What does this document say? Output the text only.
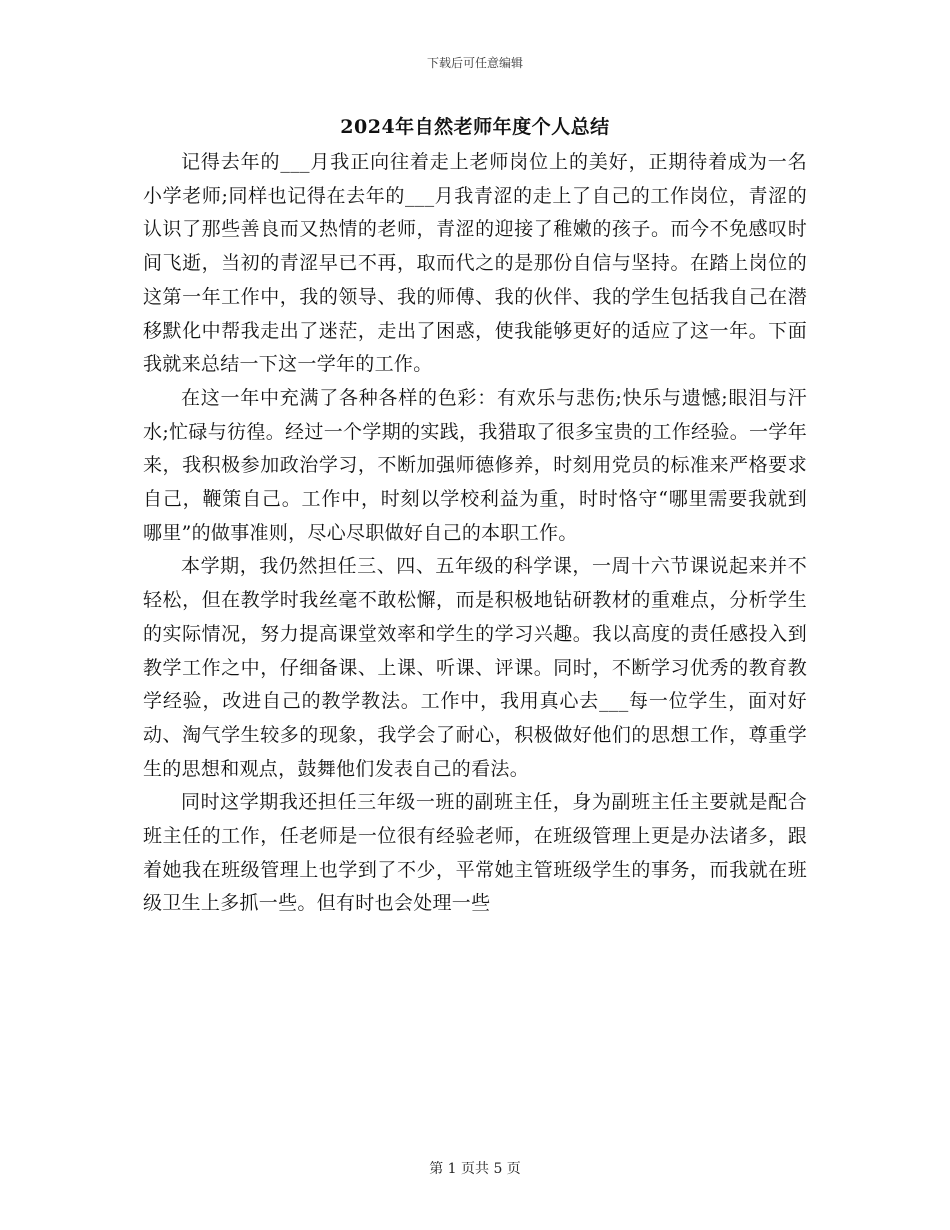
下载后可任意编辑
2024年自然老师年度个人总结

记得去年的___月我正向往着走上老师岗位上的美好，正期待着成为一名小学老师;同样也记得在去年的___月我青涩的走上了自己的工作岗位，青涩的认识了那些善良而又热情的老师，青涩的迎接了稚嫩的孩子。而今不免感叹时间飞逝，当初的青涩早已不再，取而代之的是那份自信与坚持。在踏上岗位的这第一年工作中，我的领导、我的师傅、我的伙伴、我的学生包括我自己在潜移默化中帮我走出了迷茫，走出了困惑，使我能够更好的适应了这一年。下面我就来总结一下这一学年的工作。

在这一年中充满了各种各样的色彩：有欢乐与悲伤;快乐与遗憾;眼泪与汗水;忙碌与彷徨。经过一个学期的实践，我猎取了很多宝贵的工作经验。一学年来，我积极参加政治学习，不断加强师德修养，时刻用党员的标准来严格要求自己，鞭策自己。工作中，时刻以学校利益为重，时时恪守“哪里需要我就到哪里”的做事准则，尽心尽职做好自己的本职工作。

本学期，我仍然担任三、四、五年级的科学课，一周十六节课说起来并不轻松，但在教学时我丝毫不敢松懈，而是积极地钻研教材的重难点，分析学生的实际情况，努力提高课堂效率和学生的学习兴趣。我以高度的责任感投入到教学工作之中，仔细备课、上课、听课、评课。同时，不断学习优秀的教育教学经验，改进自己的教学教法。工作中，我用真心去___每一位学生，面对好动、淘气学生较多的现象，我学会了耐心，积极做好他们的思想工作，尊重学生的思想和观点，鼓舞他们发表自己的看法。

同时这学期我还担任三年级一班的副班主任，身为副班主任主要就是配合班主任的工作，任老师是一位很有经验老师，在班级管理上更是办法诸多，跟着她我在班级管理上也学到了不少，平常她主管班级学生的事务，而我就在班级卫生上多抓一些。但有时也会处理一些

第 1 页共 5 页
